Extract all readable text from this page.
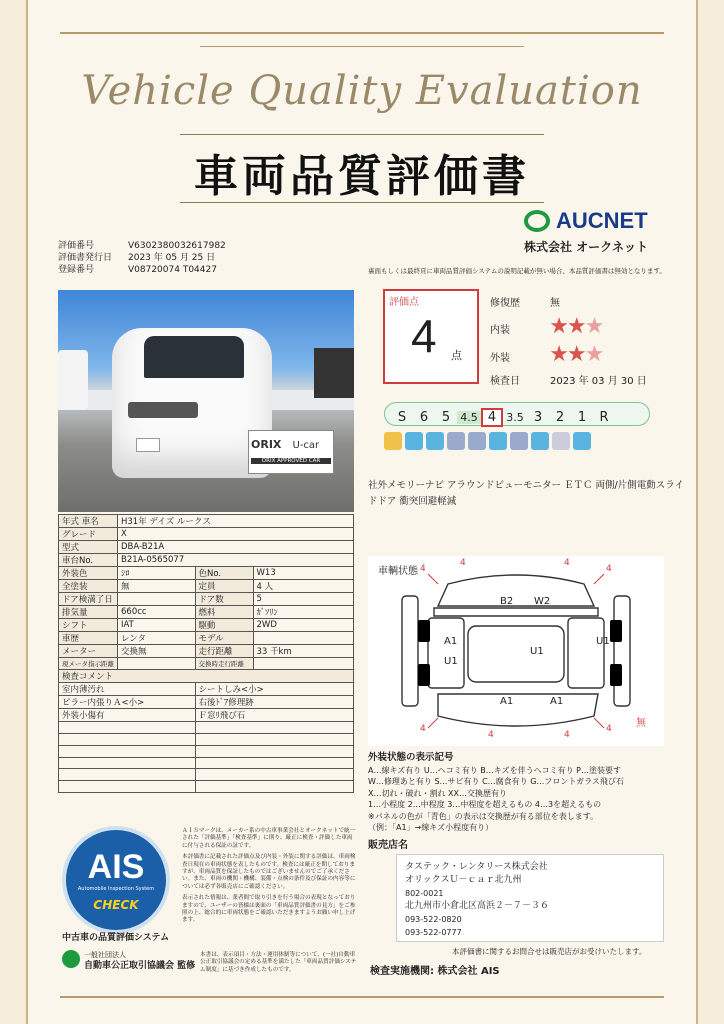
Vehicle Quality Evaluation
車両品質評価書
AUCNET
株式会社 オークネット
評価番号	V6302380032617982
評価書発行日 2023 年 05 月 25 日
登録番号	V08720074 T04427	裏面もしくは最終頁に車両品質評価システムの説明記載が無い場合、本品質評価書は無効となります。
ORIX U-car
ORIX APPROVED CAR
評価点
4 点
修復歴	無
内装 ★★★
外装 ★★★
検査日	2023 年 03 月 30 日
S 6 5 4.5 4 3.5 3 2 1 R
社外メモリーナビ アラウンドビューモニター ＥＴＣ 両側/片側電動スライドドア 衝突回避軽減
年式 車名	H31年 デイズ ルークス		
グレード	X		
型式	DBA-B21A		
車台No.	B21A-0565077		
外装色	ｼﾛ	色No.	W13
全塗装	無	定員	4 人
ドア検満了日		ドア数	5
排気量	660cc	燃料	ｶﾞｿﾘﾝ
シフト	IAT	駆動	2WD
車歴	レンタ	モデル	
メーター	交換無	走行距離	33 千km
現メータ指示距離		交換時走行距離	
検査コメント			
室内薄汚れ		シートしみ<小>	
ピラー内張りＡ<小>		右後ﾄﾞｱ修理跡	
外装小傷有		Ｆ窓ﾘ飛び石	

車輌状態 4
4	4
4
4
4	4
4
B2 W2
A1
U1
U1
U1
A1	A1
無
外装状態の表示記号
A…線キズ有り U…ヘコミ有り B…キズを伴うヘコミ有り P…塗装要す
W…修理あと有り S…サビ有り C…腐食有り G…フロントガラス飛び石
X…切れ・破れ・割れ XX…交換歴有り
1…小程度 2…中程度 3…中程度を超えるもの 4…3を超えるもの
※パネルの色が「青色」の表示は交換歴が有る部位を表します。
（例：「A1」→線キズ小程度有り）
AIS
Automobile Inspection System
CHECK
中古車の品質評価システム
一般社団法人
自動車公正取引協議会 監修
ＡＩＳマークは、メーカー系の中古車事業会社とオークネットで統一された「評価基準」「検査基準」に則り、厳正に検査・評価した車両に付与される保証の証です。
本評価書に記載された評価点及び内装・外装に関する評価は、車両検査日現在の車両状態を表したものです。検査には厳正を期しておりますが、車両品質を保証したものではございませんのでご了承ください。また、車両の機関・機構、装備・点検の条件及び保証の内容等については必ず各販売店にご確認ください。
表示された情報は、業者間で取り引きを行う場合の表現となっておりますので、ユーザーの皆様は裏面の「車両品質評価書の見方」をご参照の上、総合的に車両状態をご確認いただきますようお願い申し上げます。
本書は、表示項目・方法・運用体制等について、(一社)自動車公正取引協議会の定める基準を満たした「車両品質評価システム制度」に基づき作成したものです。
販売店名
タステック・レンタリース株式会社
オリックスＵ－ｃａｒ北九州
802-0021
北九州市小倉北区高浜２－７－３６
093-522-0820
093-522-0777
本評価書に関するお問合せは販売店がお受けいたします。
検査実施機関: 株式会社 AIS
